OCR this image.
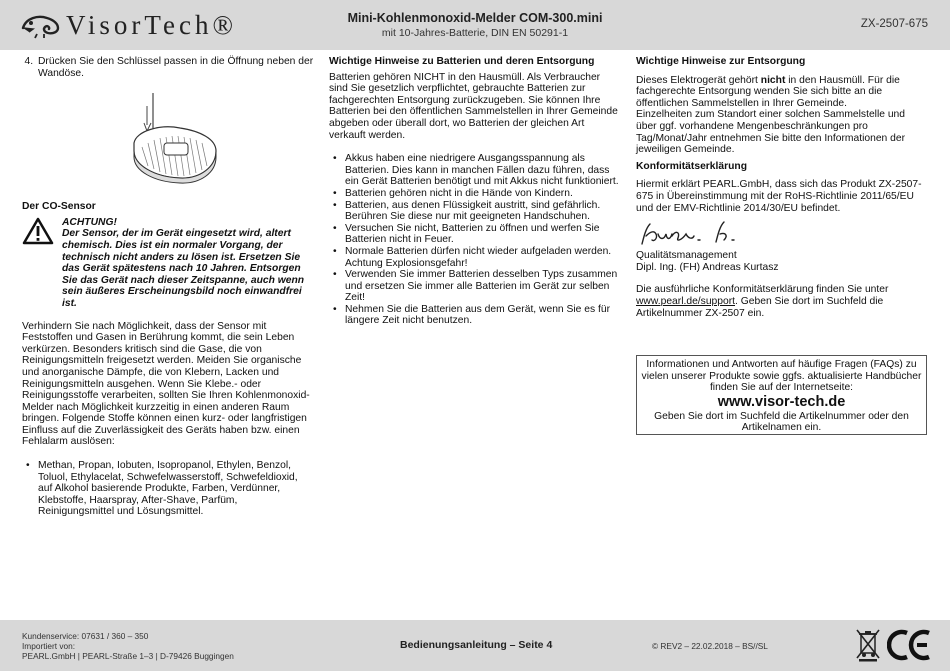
VisorTech®	Mini-Kohlenmonoxid-Melder COM-300.mini
mit 10-Jahres-Batterie, DIN EN 50291-1
ZX-2507-675
4. Drücken Sie den Schlüssel passen in die Öffnung neben der Wandöse.
Der CO-Sensor
ACHTUNG!
Der Sensor, der im Gerät eingesetzt wird, altert chemisch. Dies ist ein normaler Vorgang, der technisch nicht anders zu lösen ist. Ersetzen Sie das Gerät spätestens nach 10 Jahren. Entsorgen Sie das Gerät nach dieser Zeitspanne, auch wenn sein äußeres Erscheinungsbild noch einwandfrei ist.

Verhindern Sie nach Möglichkeit, dass der Sensor mit Feststoffen und Gasen in Berührung kommt, die sein Leben verkürzen. Besonders kritisch sind die Gase, die von Reinigungsmitteln freigesetzt werden. Meiden Sie organische und anorganische Dämpfe, die von Klebern, Lacken und Reinigungsmitteln ausgehen. Wenn Sie Klebe.- oder Reinigungsstoffe verarbeiten, sollten Sie Ihren Kohlenmonoxid-Melder nach Möglichkeit kurzzeitig in einen anderen Raum bringen. Folgende Stoffe können einen kurz- oder langfristigen Einfluss auf die Zuverlässigkeit des Geräts haben bzw. einen Fehlalarm auslösen:

• Methan, Propan, Iobuten, Isopropanol, Ethylen, Benzol, Toluol, Ethylacelat, Schwefelwasserstoff, Schwefeldioxid, auf Alkohol basierende Produkte, Farben, Verdünner, Klebstoffe, Haarspray, After-Shave, Parfüm, Reinigungsmittel und Lösungsmittel.
Wichtige Hinweise zu Batterien und deren Entsorgung

Batterien gehören NICHT in den Hausmüll. Als Verbraucher sind Sie gesetzlich verpflichtet, gebrauchte Batterien zur fachgerechten Entsorgung zurückzugeben. Sie können Ihre Batterien bei den öffentlichen Sammelstellen in Ihrer Gemeinde abgeben oder überall dort, wo Batterien der gleichen Art verkauft werden.

• Akkus haben eine niedrigere Ausgangsspannung als Batterien. Dies kann in manchen Fällen dazu führen, dass ein Gerät Batterien benötigt und mit Akkus nicht funktioniert.
• Batterien gehören nicht in die Hände von Kindern.
• Batterien, aus denen Flüssigkeit austritt, sind gefährlich. Berühren Sie diese nur mit geeigneten Handschuhen.
• Versuchen Sie nicht, Batterien zu öffnen und werfen Sie Batterien nicht in Feuer.
• Normale Batterien dürfen nicht wieder aufgeladen werden. Achtung Explosionsgefahr!
• Verwenden Sie immer Batterien desselben Typs zusammen und ersetzen Sie immer alle Batterien im Gerät zur selben Zeit!
• Nehmen Sie die Batterien aus dem Gerät, wenn Sie es für längere Zeit nicht benutzen.
Wichtige Hinweise zur Entsorgung

Dieses Elektrogerät gehört nicht in den Hausmüll. Für die fachgerechte Entsorgung wenden Sie sich bitte an die öffentlichen Sammelstellen in Ihrer Gemeinde.

Einzelheiten zum Standort einer solchen Sammelstelle und über ggf. vorhandene Mengenbeschränkungen pro Tag/Monat/Jahr entnehmen Sie bitte den Informationen der jeweiligen Gemeinde.

Konformitätserklärung

Hiermit erklärt PEARL.GmbH, dass sich das Produkt ZX-2507-675 in Übereinstimmung mit der RoHS-Richtlinie 2011/65/EU und der EMV-Richtlinie 2014/30/EU befindet.

Qualitätsmanagement

Dipl. Ing. (FH) Andreas Kurtasz

Die ausführliche Konformitätserklärung finden Sie unter www.pearl.de/support. Geben Sie dort im Suchfeld die Artikelnummer ZX-2507 ein.

Informationen und Antworten auf häufige Fragen (FAQs) zu vielen unserer Produkte sowie ggfs. aktualisierte Handbücher finden Sie auf der Internetseite:
www.visor-tech.de
Geben Sie dort im Suchfeld die Artikelnummer oder den Artikelnamen ein.
Kundenservice: 07631 / 360 – 350
Importiert von:
PEARL.GmbH | PEARL-Straße 1–3 | D-79426 Buggingen
Bedienungsanleitung – Seite 4	© REV2 – 22.02.2018 – BS//SL
